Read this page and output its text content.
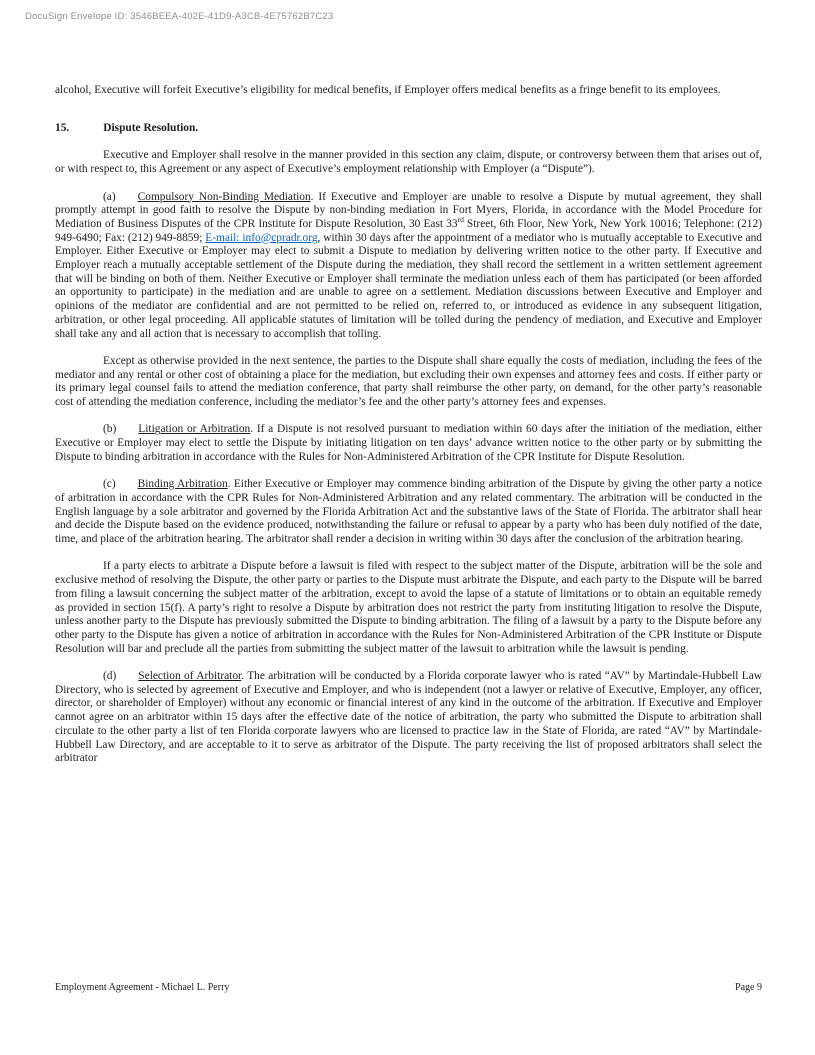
DocuSign Envelope ID: 3546BEEA-402E-41D9-A3CB-4E75762B7C23

alcohol, Executive will forfeit Executive’s eligibility for medical benefits, if Employer offers medical benefits as a fringe benefit to its employees.

15.	Dispute Resolution.

Executive and Employer shall resolve in the manner provided in this section any claim, dispute, or controversy between them that arises out of, or with respect to, this Agreement or any aspect of Executive’s employment relationship with Employer (a “Dispute”).

(a) Compulsory Non-Binding Mediation. If Executive and Employer are unable to resolve a Dispute by mutual agreement, they shall promptly attempt in good faith to resolve the Dispute by non-binding mediation in Fort Myers, Florida, in accordance with the Model Procedure for Mediation of Business Disputes of the CPR Institute for Dispute Resolution, 30 East 33rd Street, 6th Floor, New York, New York 10016; Telephone: (212) 949-6490; Fax: (212) 949-8859; E-mail: info@cpradr.org, within 30 days after the appointment of a mediator who is mutually acceptable to Executive and Employer. Either Executive or Employer may elect to submit a Dispute to mediation by delivering written notice to the other party. If Executive and Employer reach a mutually acceptable settlement of the Dispute during the mediation, they shall record the settlement in a written settlement agreement that will be binding on both of them. Neither Executive or Employer shall terminate the mediation unless each of them has participated (or been afforded an opportunity to participate) in the mediation and are unable to agree on a settlement. Mediation discussions between Executive and Employer and opinions of the mediator are confidential and are not permitted to be relied on, referred to, or introduced as evidence in any subsequent litigation, arbitration, or other legal proceeding. All applicable statutes of limitation will be tolled during the pendency of mediation, and Executive and Employer shall take any and all action that is necessary to accomplish that tolling.

Except as otherwise provided in the next sentence, the parties to the Dispute shall share equally the costs of mediation, including the fees of the mediator and any rental or other cost of obtaining a place for the mediation, but excluding their own expenses and attorney fees and costs. If either party or its primary legal counsel fails to attend the mediation conference, that party shall reimburse the other party, on demand, for the other party’s reasonable cost of attending the mediation conference, including the mediator’s fee and the other party’s attorney fees and expenses.

(b) Litigation or Arbitration. If a Dispute is not resolved pursuant to mediation within 60 days after the initiation of the mediation, either Executive or Employer may elect to settle the Dispute by initiating litigation on ten days’ advance written notice to the other party or by submitting the Dispute to binding arbitration in accordance with the Rules for Non-Administered Arbitration of the CPR Institute for Dispute Resolution.

(c) Binding Arbitration. Either Executive or Employer may commence binding arbitration of the Dispute by giving the other party a notice of arbitration in accordance with the CPR Rules for Non-Administered Arbitration and any related commentary. The arbitration will be conducted in the English language by a sole arbitrator and governed by the Florida Arbitration Act and the substantive laws of the State of Florida. The arbitrator shall hear and decide the Dispute based on the evidence produced, notwithstanding the failure or refusal to appear by a party who has been duly notified of the date, time, and place of the arbitration hearing. The arbitrator shall render a decision in writing within 30 days after the conclusion of the arbitration hearing.

If a party elects to arbitrate a Dispute before a lawsuit is filed with respect to the subject matter of the Dispute, arbitration will be the sole and exclusive method of resolving the Dispute, the other party or parties to the Dispute must arbitrate the Dispute, and each party to the Dispute will be barred from filing a lawsuit concerning the subject matter of the arbitration, except to avoid the lapse of a statute of limitations or to obtain an equitable remedy as provided in section 15(f). A party’s right to resolve a Dispute by arbitration does not restrict the party from instituting litigation to resolve the Dispute, unless another party to the Dispute has previously submitted the Dispute to binding arbitration. The filing of a lawsuit by a party to the Dispute before any other party to the Dispute has given a notice of arbitration in accordance with the Rules for Non-Administered Arbitration of the CPR Institute or Dispute Resolution will bar and preclude all the parties from submitting the subject matter of the lawsuit to arbitration while the lawsuit is pending.

(d) Selection of Arbitrator. The arbitration will be conducted by a Florida corporate lawyer who is rated “AV” by Martindale-Hubbell Law Directory, who is selected by agreement of Executive and Employer, and who is independent (not a lawyer or relative of Executive, Employer, any officer, director, or shareholder of Employer) without any economic or financial interest of any kind in the outcome of the arbitration. If Executive and Employer cannot agree on an arbitrator within 15 days after the effective date of the notice of arbitration, the party who submitted the Dispute to arbitration shall circulate to the other party a list of ten Florida corporate lawyers who are licensed to practice law in the State of Florida, are rated “AV” by Martindale-Hubbell Law Directory, and are acceptable to it to serve as arbitrator of the Dispute. The party receiving the list of proposed arbitrators shall select the arbitrator

Employment Agreement - Michael L. Perry	Page 9
